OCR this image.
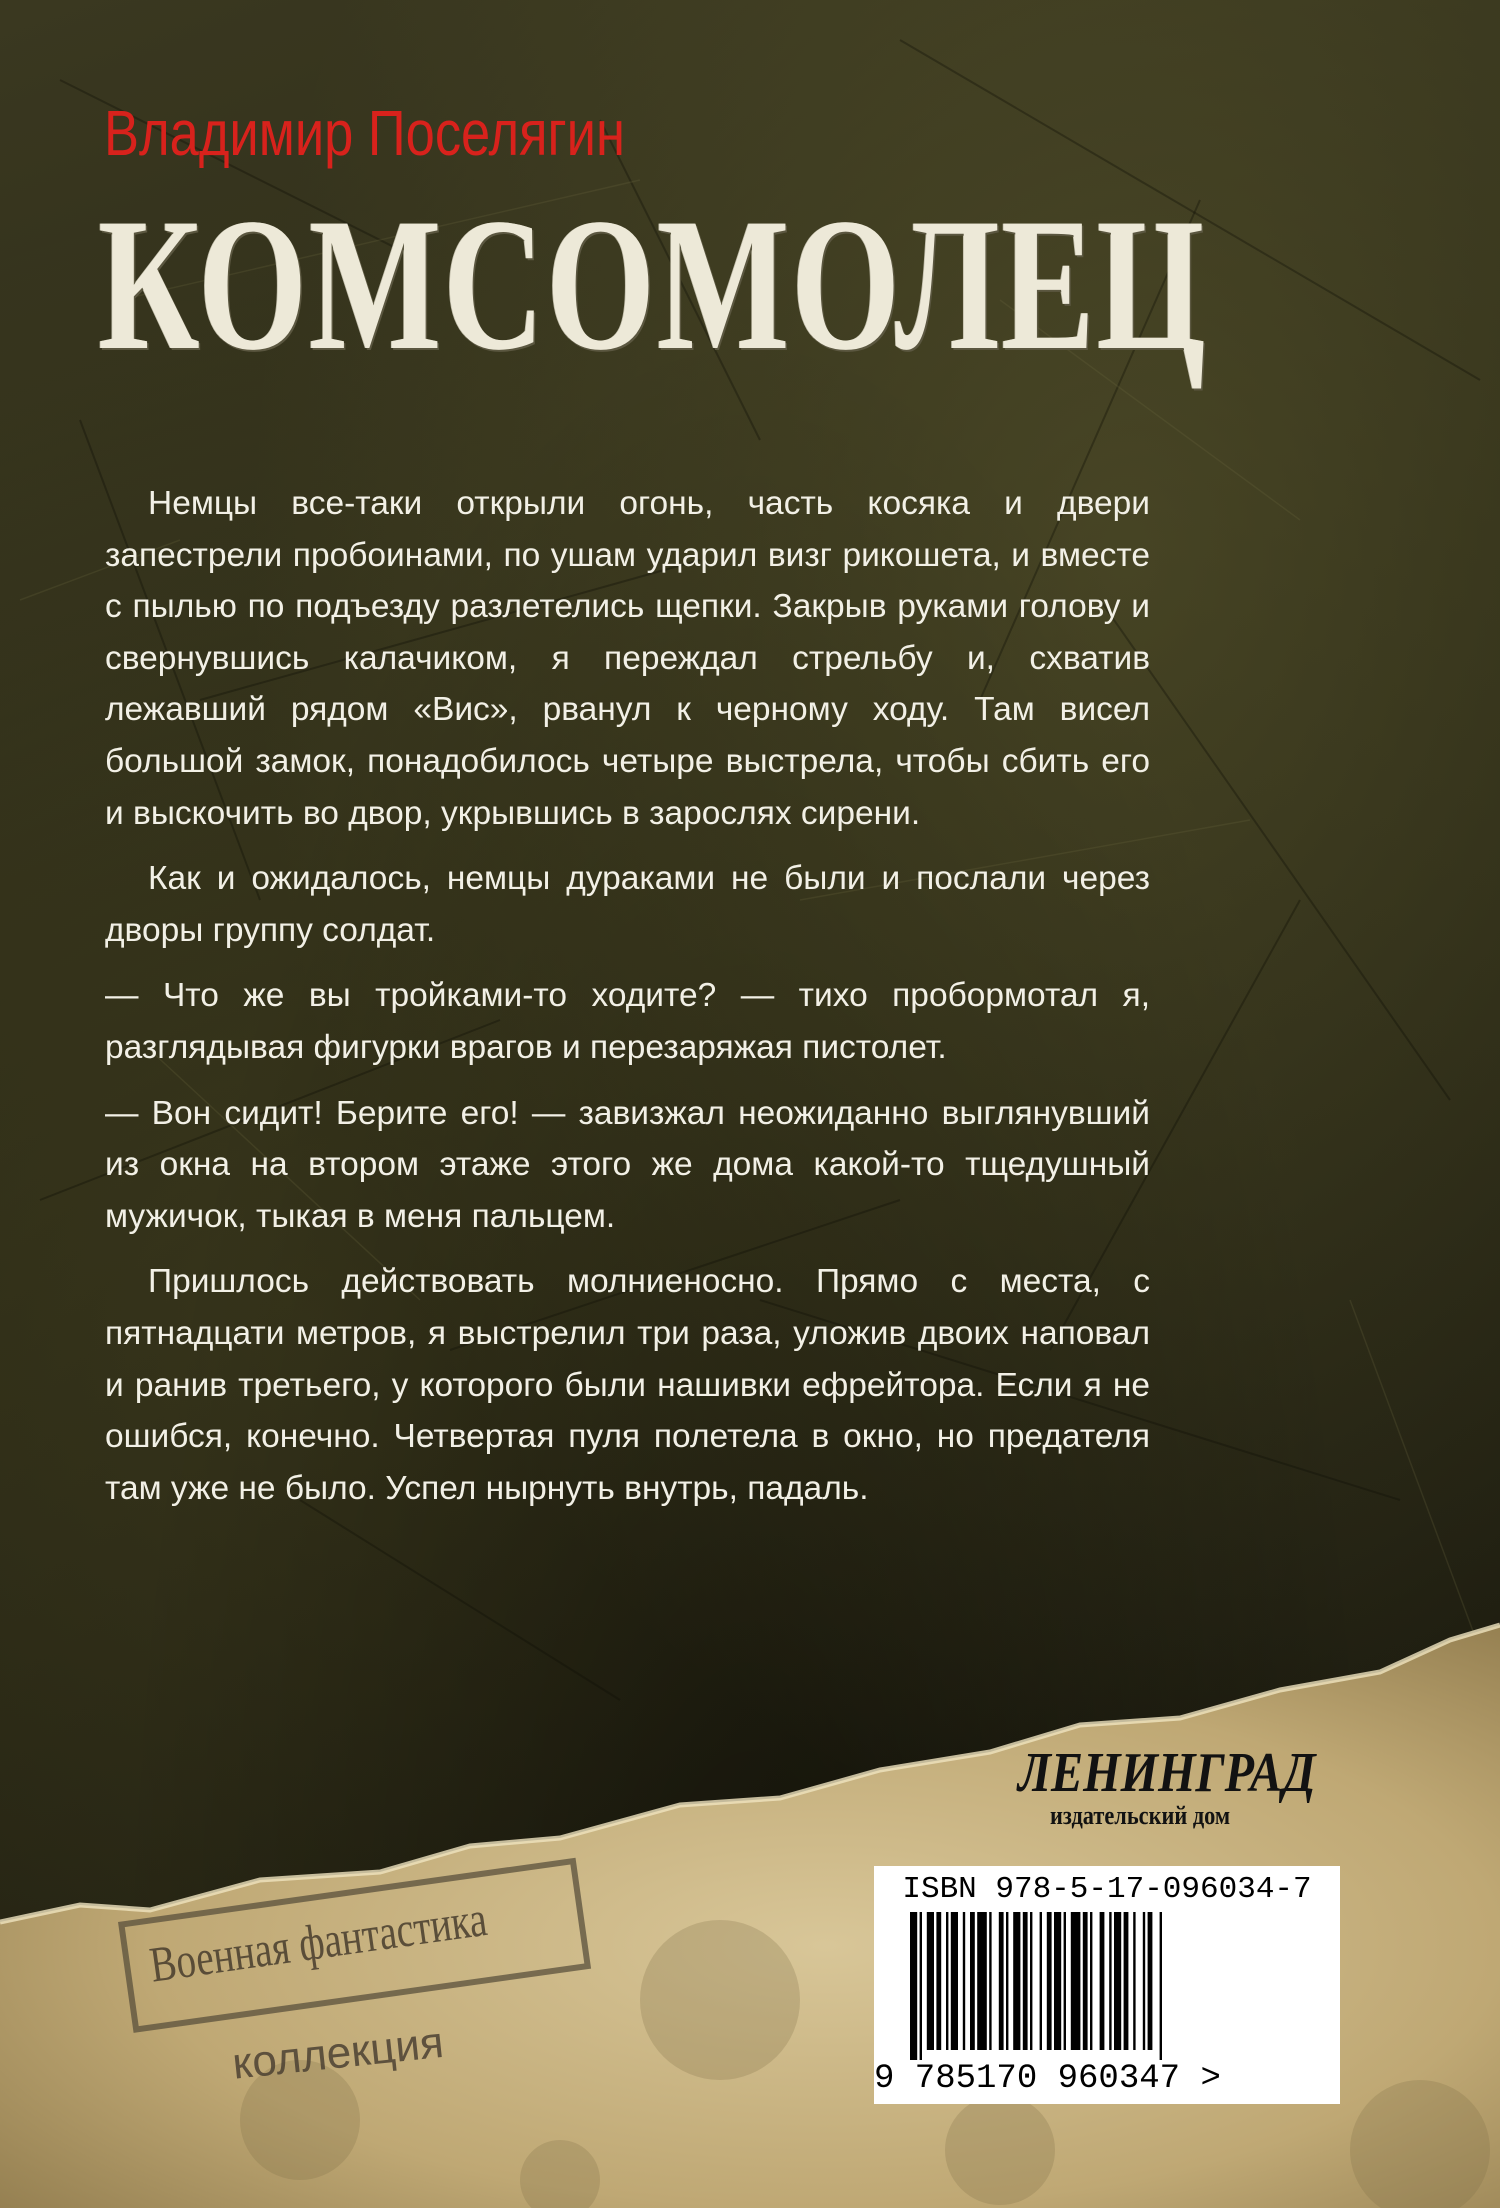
Владимир Поселягин
КОМСОМОЛЕЦ

Немцы все-таки открыли огонь, часть косяка и двери запестрели пробоинами, по ушам ударил визг рикошета, и вместе с пылью по подъезду разлетелись щепки. Закрыв руками голову и свернувшись калачиком, я переждал стрельбу и, схватив лежавший рядом «Вис», рванул к черному ходу. Там висел большой замок, понадобилось четыре выстрела, чтобы сбить его и выскочить во двор, укрывшись в зарослях сирени.

Как и ожидалось, немцы дураками не были и послали через дворы группу солдат.

— Что же вы тройками-то ходите? — тихо пробормотал я, разглядывая фигурки врагов и перезаряжая пистолет.

— Вон сидит! Берите его! — завизжал неожиданно выглянувший из окна на втором этаже этого же дома какой-то тщедушный мужичок, тыкая в меня пальцем.

Пришлось действовать молниеносно. Прямо с места, с пятнадцати метров, я выстрелил три раза, уложив двоих наповал и ранив третьего, у которого были нашивки ефрейтора. Если я не ошибся, конечно. Четвертая пуля полетела в окно, но предателя там уже не было. Успел нырнуть внутрь, падаль.

Военная фантастика
коллекция
ЛЕНИНГРАД
издательский дом
ISBN 978-5-17-096034-7
9 785170 960347 >
